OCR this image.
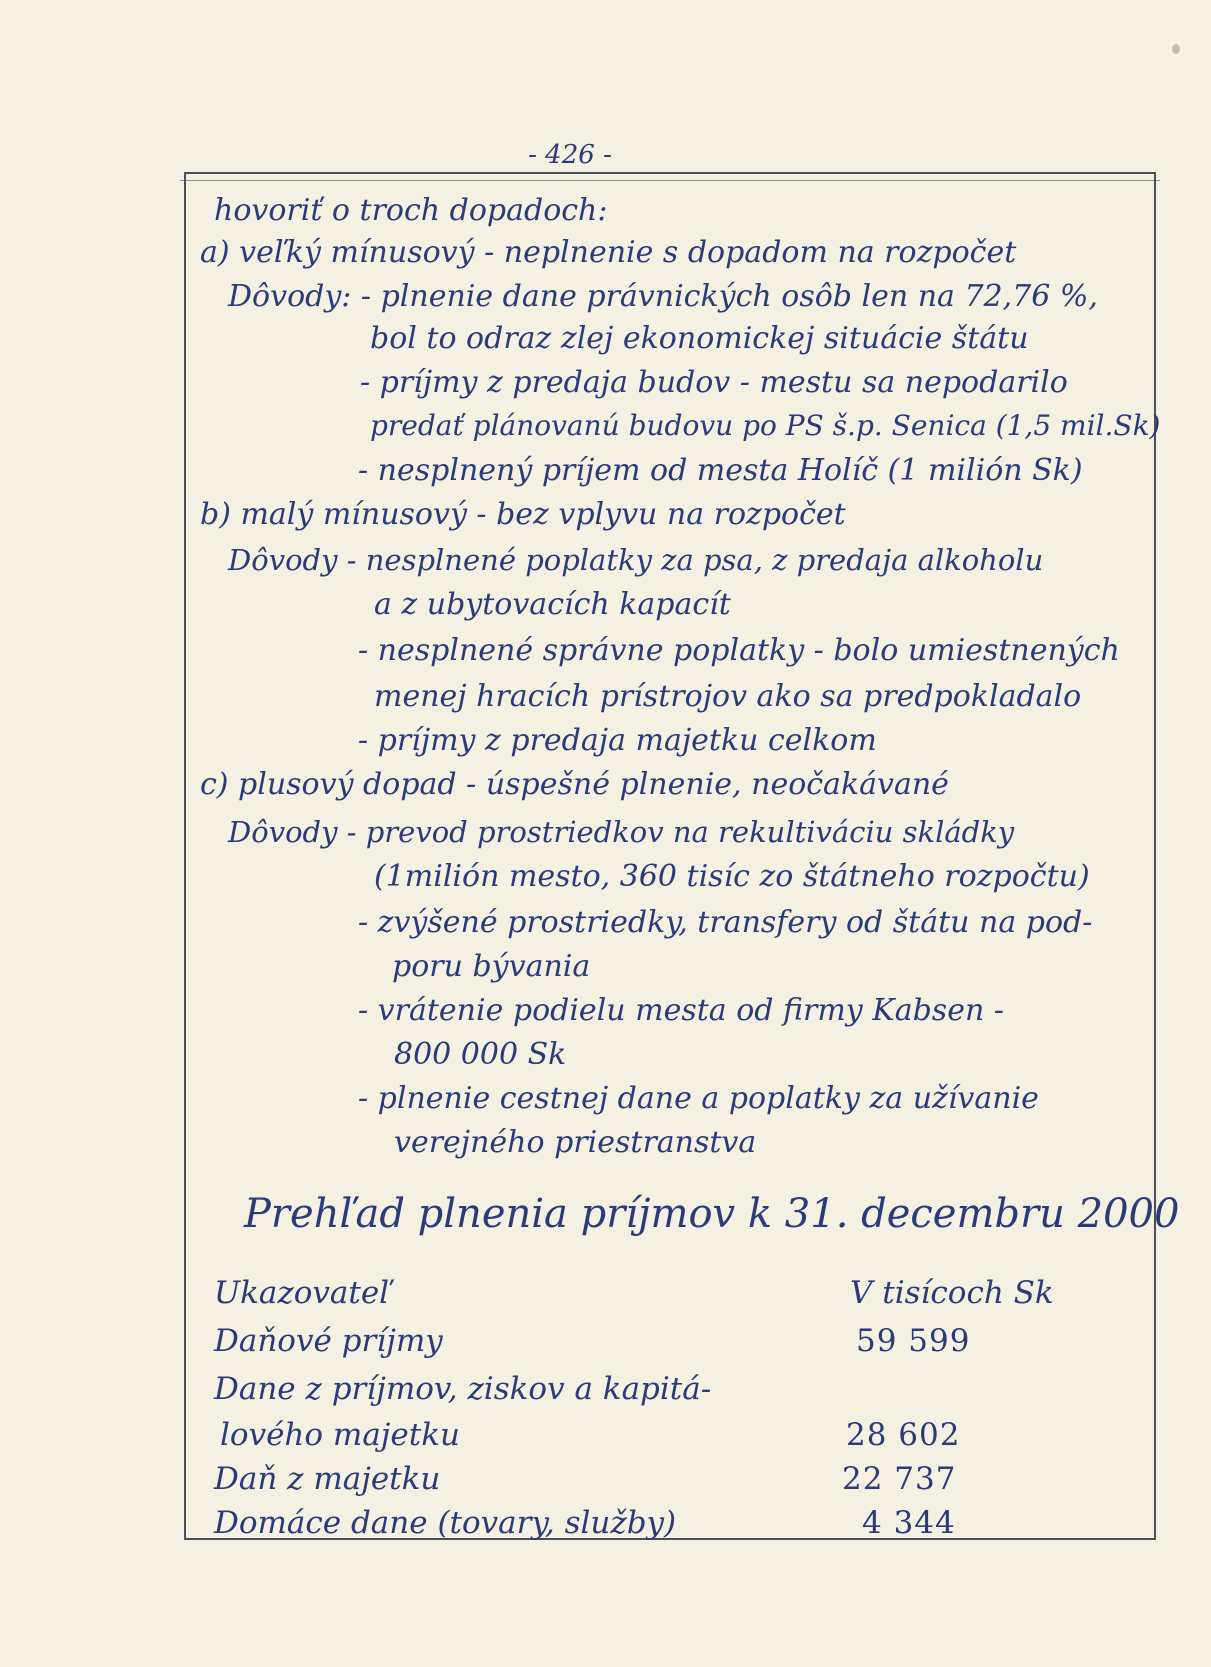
- 426 -
hovoriť o troch dopadoch:
a) veľký mínusový - neplnenie s dopadom na rozpočet
Dôvody: - plnenie dane právnických osôb len na 72,76 %,
bol to odraz zlej ekonomickej situácie štátu
- príjmy z predaja budov - mestu sa nepodarilo
predať plánovanú budovu po PS š.p. Senica (1,5 mil.Sk)
- nesplnený príjem od mesta Holíč (1 milión Sk)
b) malý mínusový - bez vplyvu na rozpočet
Dôvody - nesplnené poplatky za psa, z predaja alkoholu
a z ubytovacích kapacít
- nesplnené správne poplatky - bolo umiestnených
menej hracích prístrojov ako sa predpokladalo
- príjmy z predaja majetku celkom
c) plusový dopad - úspešné plnenie, neočakávané
Dôvody - prevod prostriedkov na rekultiváciu skládky
(1milión mesto, 360 tisíc zo štátneho rozpočtu)
- zvýšené prostriedky, transfery od štátu na pod-
poru bývania
- vrátenie podielu mesta od firmy Kabsen -
800 000 Sk
- plnenie cestnej dane a poplatky za užívanie
verejného priestranstva
Prehľad plnenia príjmov k 31. decembru 2000
Ukazovateľ	V tisícoch Sk
Daňové príjmy	59 599
Dane z príjmov, ziskov a kapitá-
lového majetku	28 602
Daň z majetku	22 737
Domáce dane (tovary, služby)	4 344
